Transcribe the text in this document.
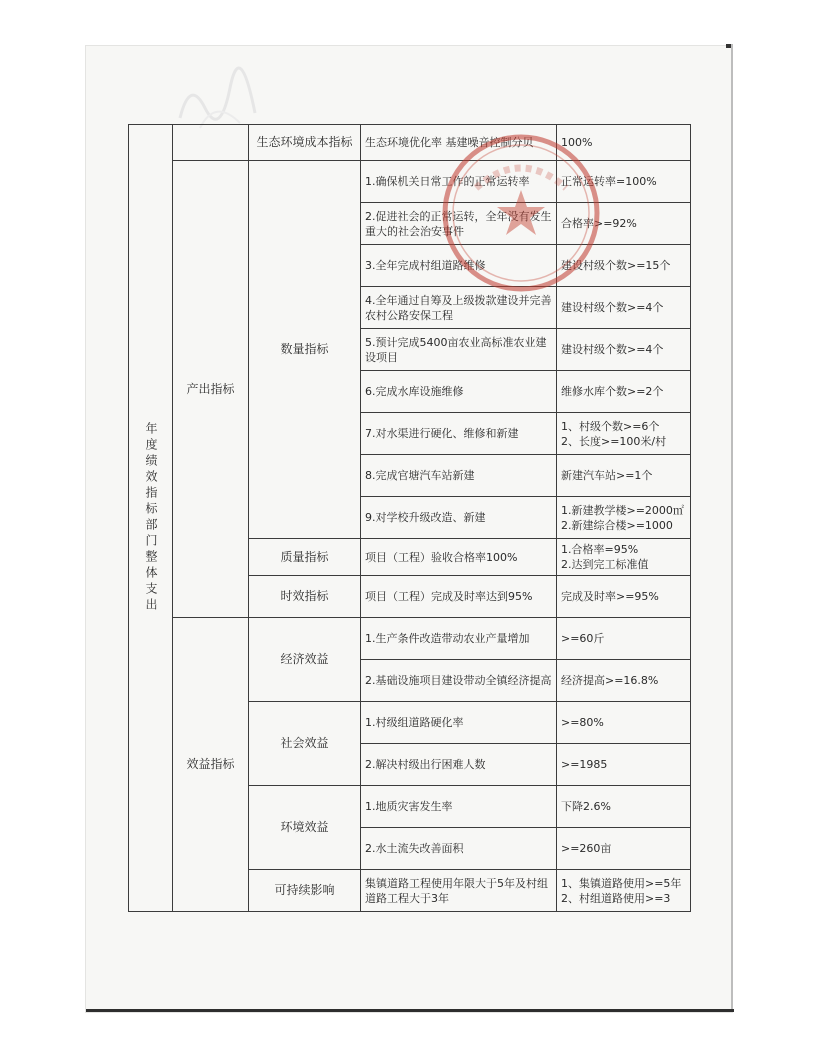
年度绩效指标部门整体支出		生态环境成本指标	生态环境优化率 基建噪音控制分贝	100%
	产出指标	数量指标	1.确保机关日常工作的正常运转率	正常运转率=100%
			2.促进社会的正常运转，全年没有发生重大的社会治安事件	合格率>=92%
			3.全年完成村组道路维修	建设村级个数>=15个
			4.全年通过自筹及上级拨款建设并完善农村公路安保工程	建设村级个数>=4个
			5.预计完成5400亩农业高标准农业建设项目	建设村级个数>=4个
			6.完成水库设施维修	维修水库个数>=2个
			7.对水渠进行硬化、维修和新建	1、村级个数>=6个
2、长度>=100米/村
			8.完成官塘汽车站新建	新建汽车站>=1个
			9.对学校升级改造、新建	1.新建教学楼>=2000㎡
2.新建综合楼>=1000
		质量指标	项目（工程）验收合格率100%	1.合格率=95%
2.达到完工标准值
		时效指标	项目（工程）完成及时率达到95%	完成及时率>=95%
	效益指标	经济效益	1.生产条件改造带动农业产量增加	>=60斤
			2.基础设施项目建设带动全镇经济提高	经济提高>=16.8%
		社会效益	1.村级组道路硬化率	>=80%
			2.解决村级出行困难人数	>=1985
		环境效益	1.地质灾害发生率	下降2.6%
			2.水土流失改善面积	>=260亩
		可持续影响	集镇道路工程使用年限大于5年及村组道路工程大于3年	1、集镇道路使用>=5年
2、村组道路使用>=3
